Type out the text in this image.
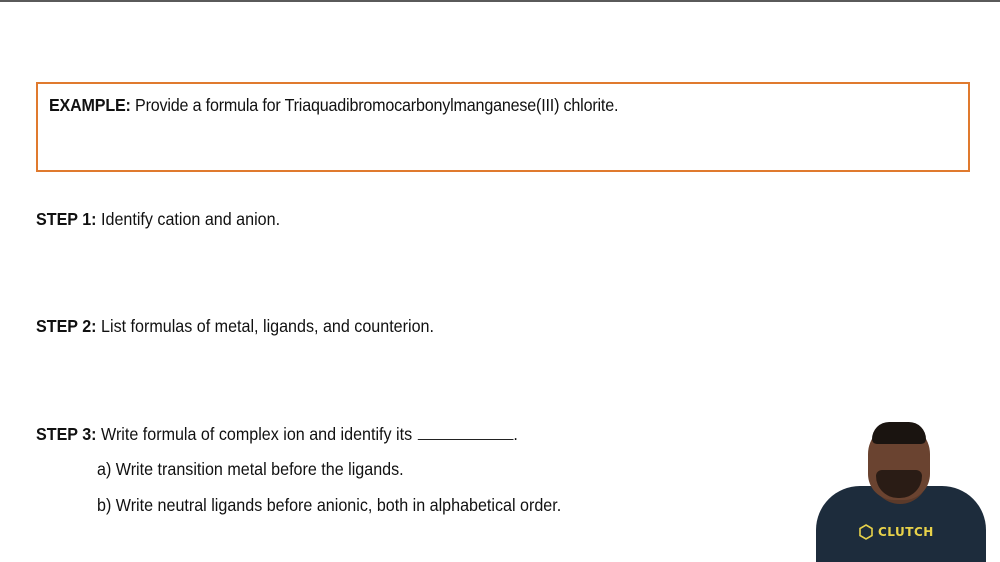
EXAMPLE: Provide a formula for Triaquadibromocarbonylmanganese(III) chlorite.
STEP 1: Identify cation and anion.
STEP 2: List formulas of metal, ligands, and counterion.
STEP 3: Write formula of complex ion and identify its	.
a) Write transition metal before the ligands.
b) Write neutral ligands before anionic, both in alphabetical order.
CLUTCH
